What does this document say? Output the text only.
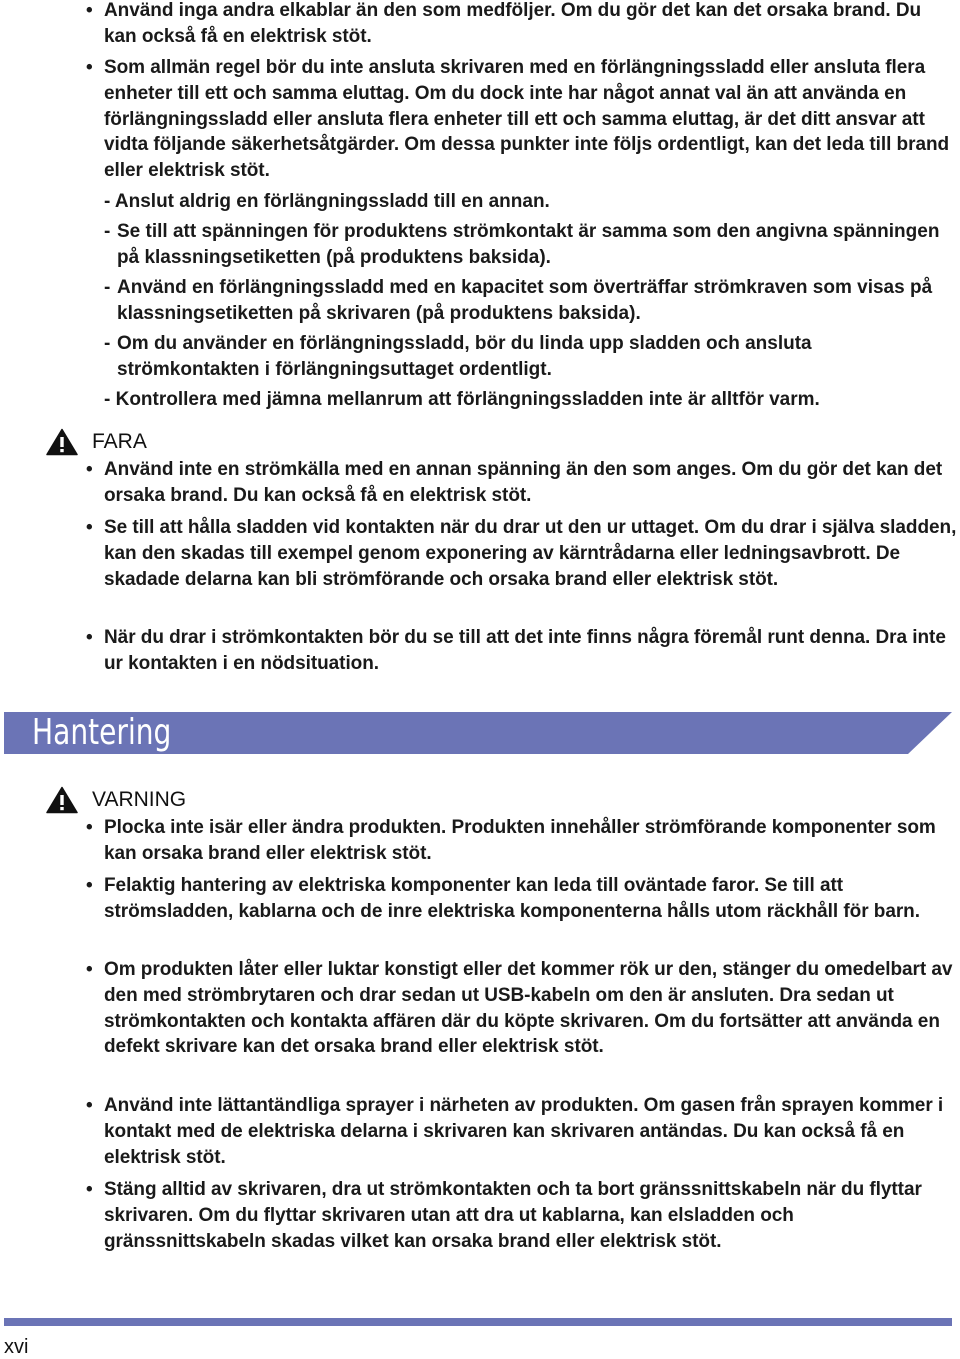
• Använd inga andra elkablar än den som medföljer. Om du gör det kan det orsaka brand. Du kan också få en elektrisk stöt.
• Som allmän regel bör du inte ansluta skrivaren med en förlängningssladd eller ansluta flera enheter till ett och samma eluttag. Om du dock inte har något annat val än att använda en förlängningssladd eller ansluta flera enheter till ett och samma eluttag, är det ditt ansvar att vidta följande säkerhetsåtgärder. Om dessa punkter inte följs ordentligt, kan det leda till brand eller elektrisk stöt.
- Anslut aldrig en förlängningssladd till en annan.
- Se till att spänningen för produktens strömkontakt är samma som den angivna spänningen på klassningsetiketten (på produktens baksida).
- Använd en förlängningssladd med en kapacitet som överträffar strömkraven som visas på klassningsetiketten på skrivaren (på produktens baksida).
- Om du använder en förlängningssladd, bör du linda upp sladden och ansluta strömkontakten i förlängningsuttaget ordentligt.
- Kontrollera med jämna mellanrum att förlängningssladden inte är alltför varm.
FARA
• Använd inte en strömkälla med en annan spänning än den som anges. Om du gör det kan det orsaka brand. Du kan också få en elektrisk stöt.
• Se till att hålla sladden vid kontakten när du drar ut den ur uttaget. Om du drar i själva sladden, kan den skadas till exempel genom exponering av kärntrådarna eller ledningsavbrott. De skadade delarna kan bli strömförande och orsaka brand eller elektrisk stöt.
• När du drar i strömkontakten bör du se till att det inte finns några föremål runt denna. Dra inte ur kontakten i en nödsituation.
Hantering
VARNING
• Plocka inte isär eller ändra produkten. Produkten innehåller strömförande komponenter som kan orsaka brand eller elektrisk stöt.
• Felaktig hantering av elektriska komponenter kan leda till oväntade faror. Se till att strömsladden, kablarna och de inre elektriska komponenterna hålls utom räckhåll för barn.
• Om produkten låter eller luktar konstigt eller det kommer rök ur den, stänger du omedelbart av den med strömbrytaren och drar sedan ut USB-kabeln om den är ansluten. Dra sedan ut strömkontakten och kontakta affären där du köpte skrivaren. Om du fortsätter att använda en defekt skrivare kan det orsaka brand eller elektrisk stöt.
• Använd inte lättantändliga sprayer i närheten av produkten. Om gasen från sprayen kommer i kontakt med de elektriska delarna i skrivaren kan skrivaren antändas. Du kan också få en elektrisk stöt.
• Stäng alltid av skrivaren, dra ut strömkontakten och ta bort gränssnittskabeln när du flyttar skrivaren. Om du flyttar skrivaren utan att dra ut kablarna, kan elsladden och gränssnittskabeln skadas vilket kan orsaka brand eller elektrisk stöt.
xvi
